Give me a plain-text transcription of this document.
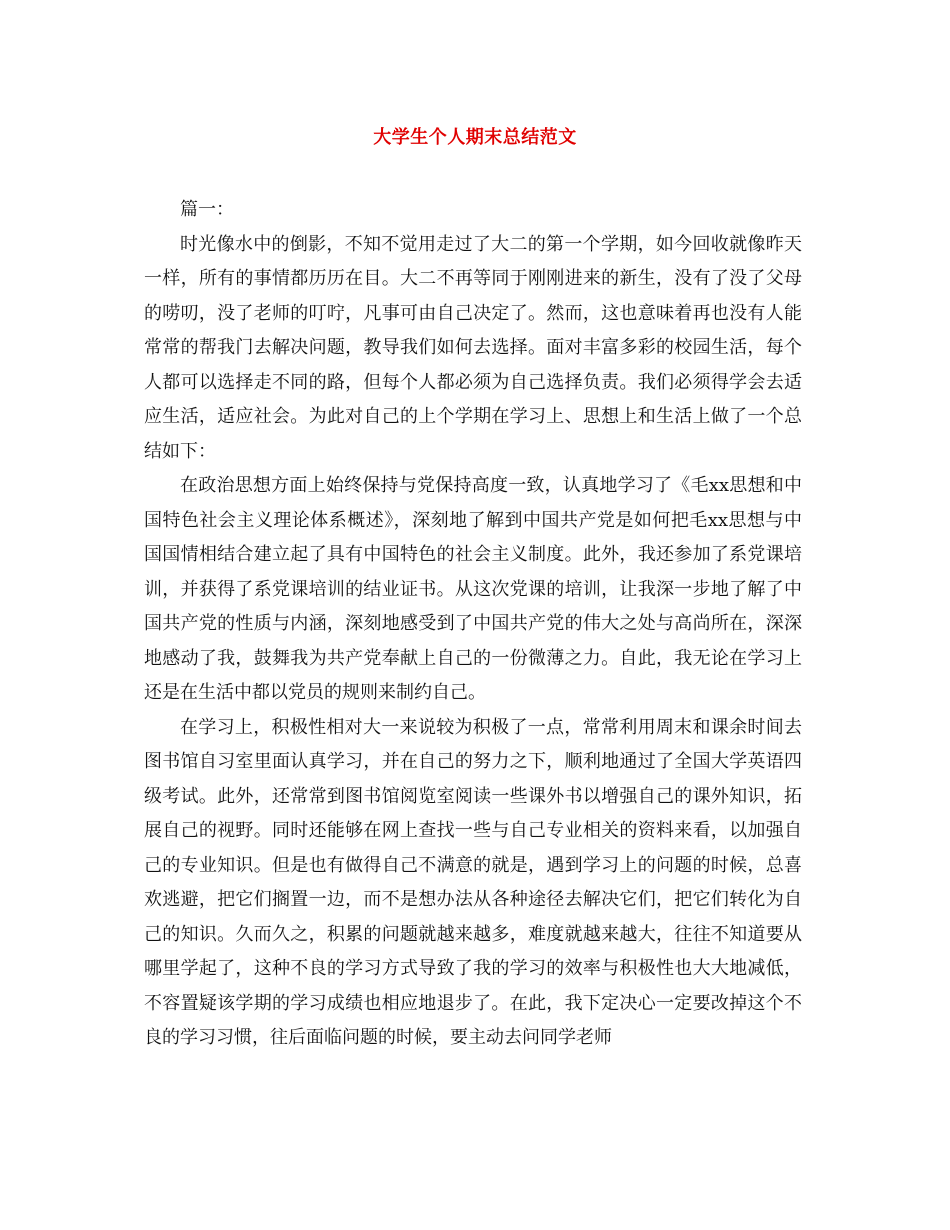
大学生个人期末总结范文

篇一：

时光像水中的倒影，不知不觉用走过了大二的第一个学期，如今回收就像昨天一样，所有的事情都历历在目。大二不再等同于刚刚进来的新生，没有了没了父母的唠叨，没了老师的叮咛，凡事可由自己决定了。然而，这也意味着再也没有人能常常的帮我门去解决问题，教导我们如何去选择。面对丰富多彩的校园生活，每个人都可以选择走不同的路，但每个人都必须为自己选择负责。我们必须得学会去适应生活，适应社会。为此对自己的上个学期在学习上、思想上和生活上做了一个总结如下：

在政治思想方面上始终保持与党保持高度一致，认真地学习了《毛xx思想和中国特色社会主义理论体系概述》，深刻地了解到中国共产党是如何把毛xx思想与中国国情相结合建立起了具有中国特色的社会主义制度。此外，我还参加了系党课培训，并获得了系党课培训的结业证书。从这次党课的培训，让我深一步地了解了中国共产党的性质与内涵，深刻地感受到了中国共产党的伟大之处与高尚所在，深深地感动了我，鼓舞我为共产党奉献上自己的一份微薄之力。自此，我无论在学习上还是在生活中都以党员的规则来制约自己。

在学习上，积极性相对大一来说较为积极了一点，常常利用周末和课余时间去图书馆自习室里面认真学习，并在自己的努力之下，顺利地通过了全国大学英语四级考试。此外，还常常到图书馆阅览室阅读一些课外书以增强自己的课外知识，拓展自己的视野。同时还能够在网上查找一些与自己专业相关的资料来看，以加强自己的专业知识。但是也有做得自己不满意的就是，遇到学习上的问题的时候，总喜欢逃避，把它们搁置一边，而不是想办法从各种途径去解决它们，把它们转化为自己的知识。久而久之，积累的问题就越来越多，难度就越来越大，往往不知道要从哪里学起了，这种不良的学习方式导致了我的学习的效率与积极性也大大地减低，不容置疑该学期的学习成绩也相应地退步了。在此，我下定决心一定要改掉这个不良的学习习惯，往后面临问题的时候，要主动去问同学老师
